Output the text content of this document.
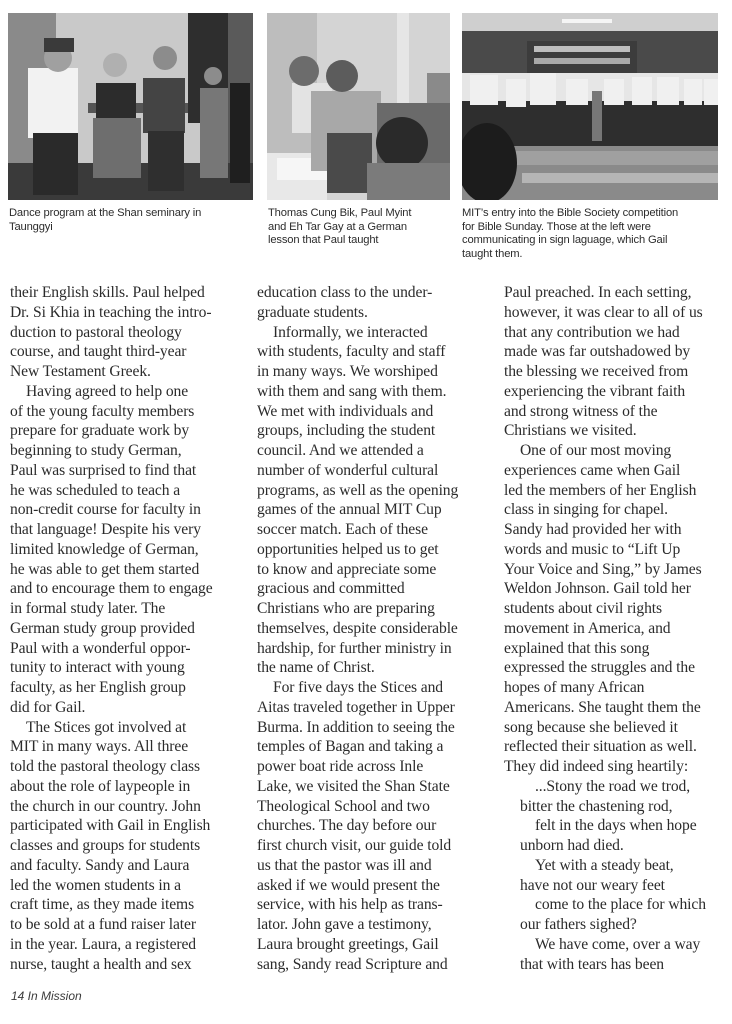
Dance program at the Shan seminary in
Taunggyi
Thomas Cung Bik, Paul Myint
and Eh Tar Gay at a German
lesson that Paul taught
MIT’s entry into the Bible Society competition
for Bible Sunday. Those at the left were
communicating in sign laguage, which Gail
taught them.
their English skills. Paul helped
Dr. Si Khia in teaching the intro-
duction to pastoral theology
course, and taught third-year
New Testament Greek.
Having agreed to help one
of the young faculty members
prepare for graduate work by
beginning to study German,
Paul was surprised to find that
he was scheduled to teach a
non-credit course for faculty in
that language! Despite his very
limited knowledge of German,
he was able to get them started
and to encourage them to engage
in formal study later. The
German study group provided
Paul with a wonderful oppor-
tunity to interact with young
faculty, as her English group
did for Gail.
The Stices got involved at
MIT in many ways. All three
told the pastoral theology class
about the role of laypeople in
the church in our country. John
participated with Gail in English
classes and groups for students
and faculty. Sandy and Laura
led the women students in a
craft time, as they made items
to be sold at a fund raiser later
in the year. Laura, a registered
nurse, taught a health and sex
education class to the under-
graduate students.
Informally, we interacted
with students, faculty and staff
in many ways. We worshiped
with them and sang with them.
We met with individuals and
groups, including the student
council. And we attended a
number of wonderful cultural
programs, as well as the opening
games of the annual MIT Cup
soccer match. Each of these
opportunities helped us to get
to know and appreciate some
gracious and committed
Christians who are preparing
themselves, despite considerable
hardship, for further ministry in
the name of Christ.
For five days the Stices and
Aitas traveled together in Upper
Burma. In addition to seeing the
temples of Bagan and taking a
power boat ride across Inle
Lake, we visited the Shan State
Theological School and two
churches. The day before our
first church visit, our guide told
us that the pastor was ill and
asked if we would present the
service, with his help as trans-
lator. John gave a testimony,
Laura brought greetings, Gail
sang, Sandy read Scripture and
Paul preached. In each setting,
however, it was clear to all of us
that any contribution we had
made was far outshadowed by
the blessing we received from
experiencing the vibrant faith
and strong witness of the
Christians we visited.
One of our most moving
experiences came when Gail
led the members of her English
class in singing for chapel.
Sandy had provided her with
words and music to “Lift Up
Your Voice and Sing,” by James
Weldon Johnson. Gail told her
students about civil rights
movement in America, and
explained that this song
expressed the struggles and the
hopes of many African
Americans. She taught them the
song because she believed it
reflected their situation as well.
They did indeed sing heartily:
...Stony the road we trod,
bitter the chastening rod,
felt in the days when hope
unborn had died.
Yet with a steady beat,
have not our weary feet
come to the place for which
our fathers sighed?
We have come, over a way
that with tears has been
14 In Mission
